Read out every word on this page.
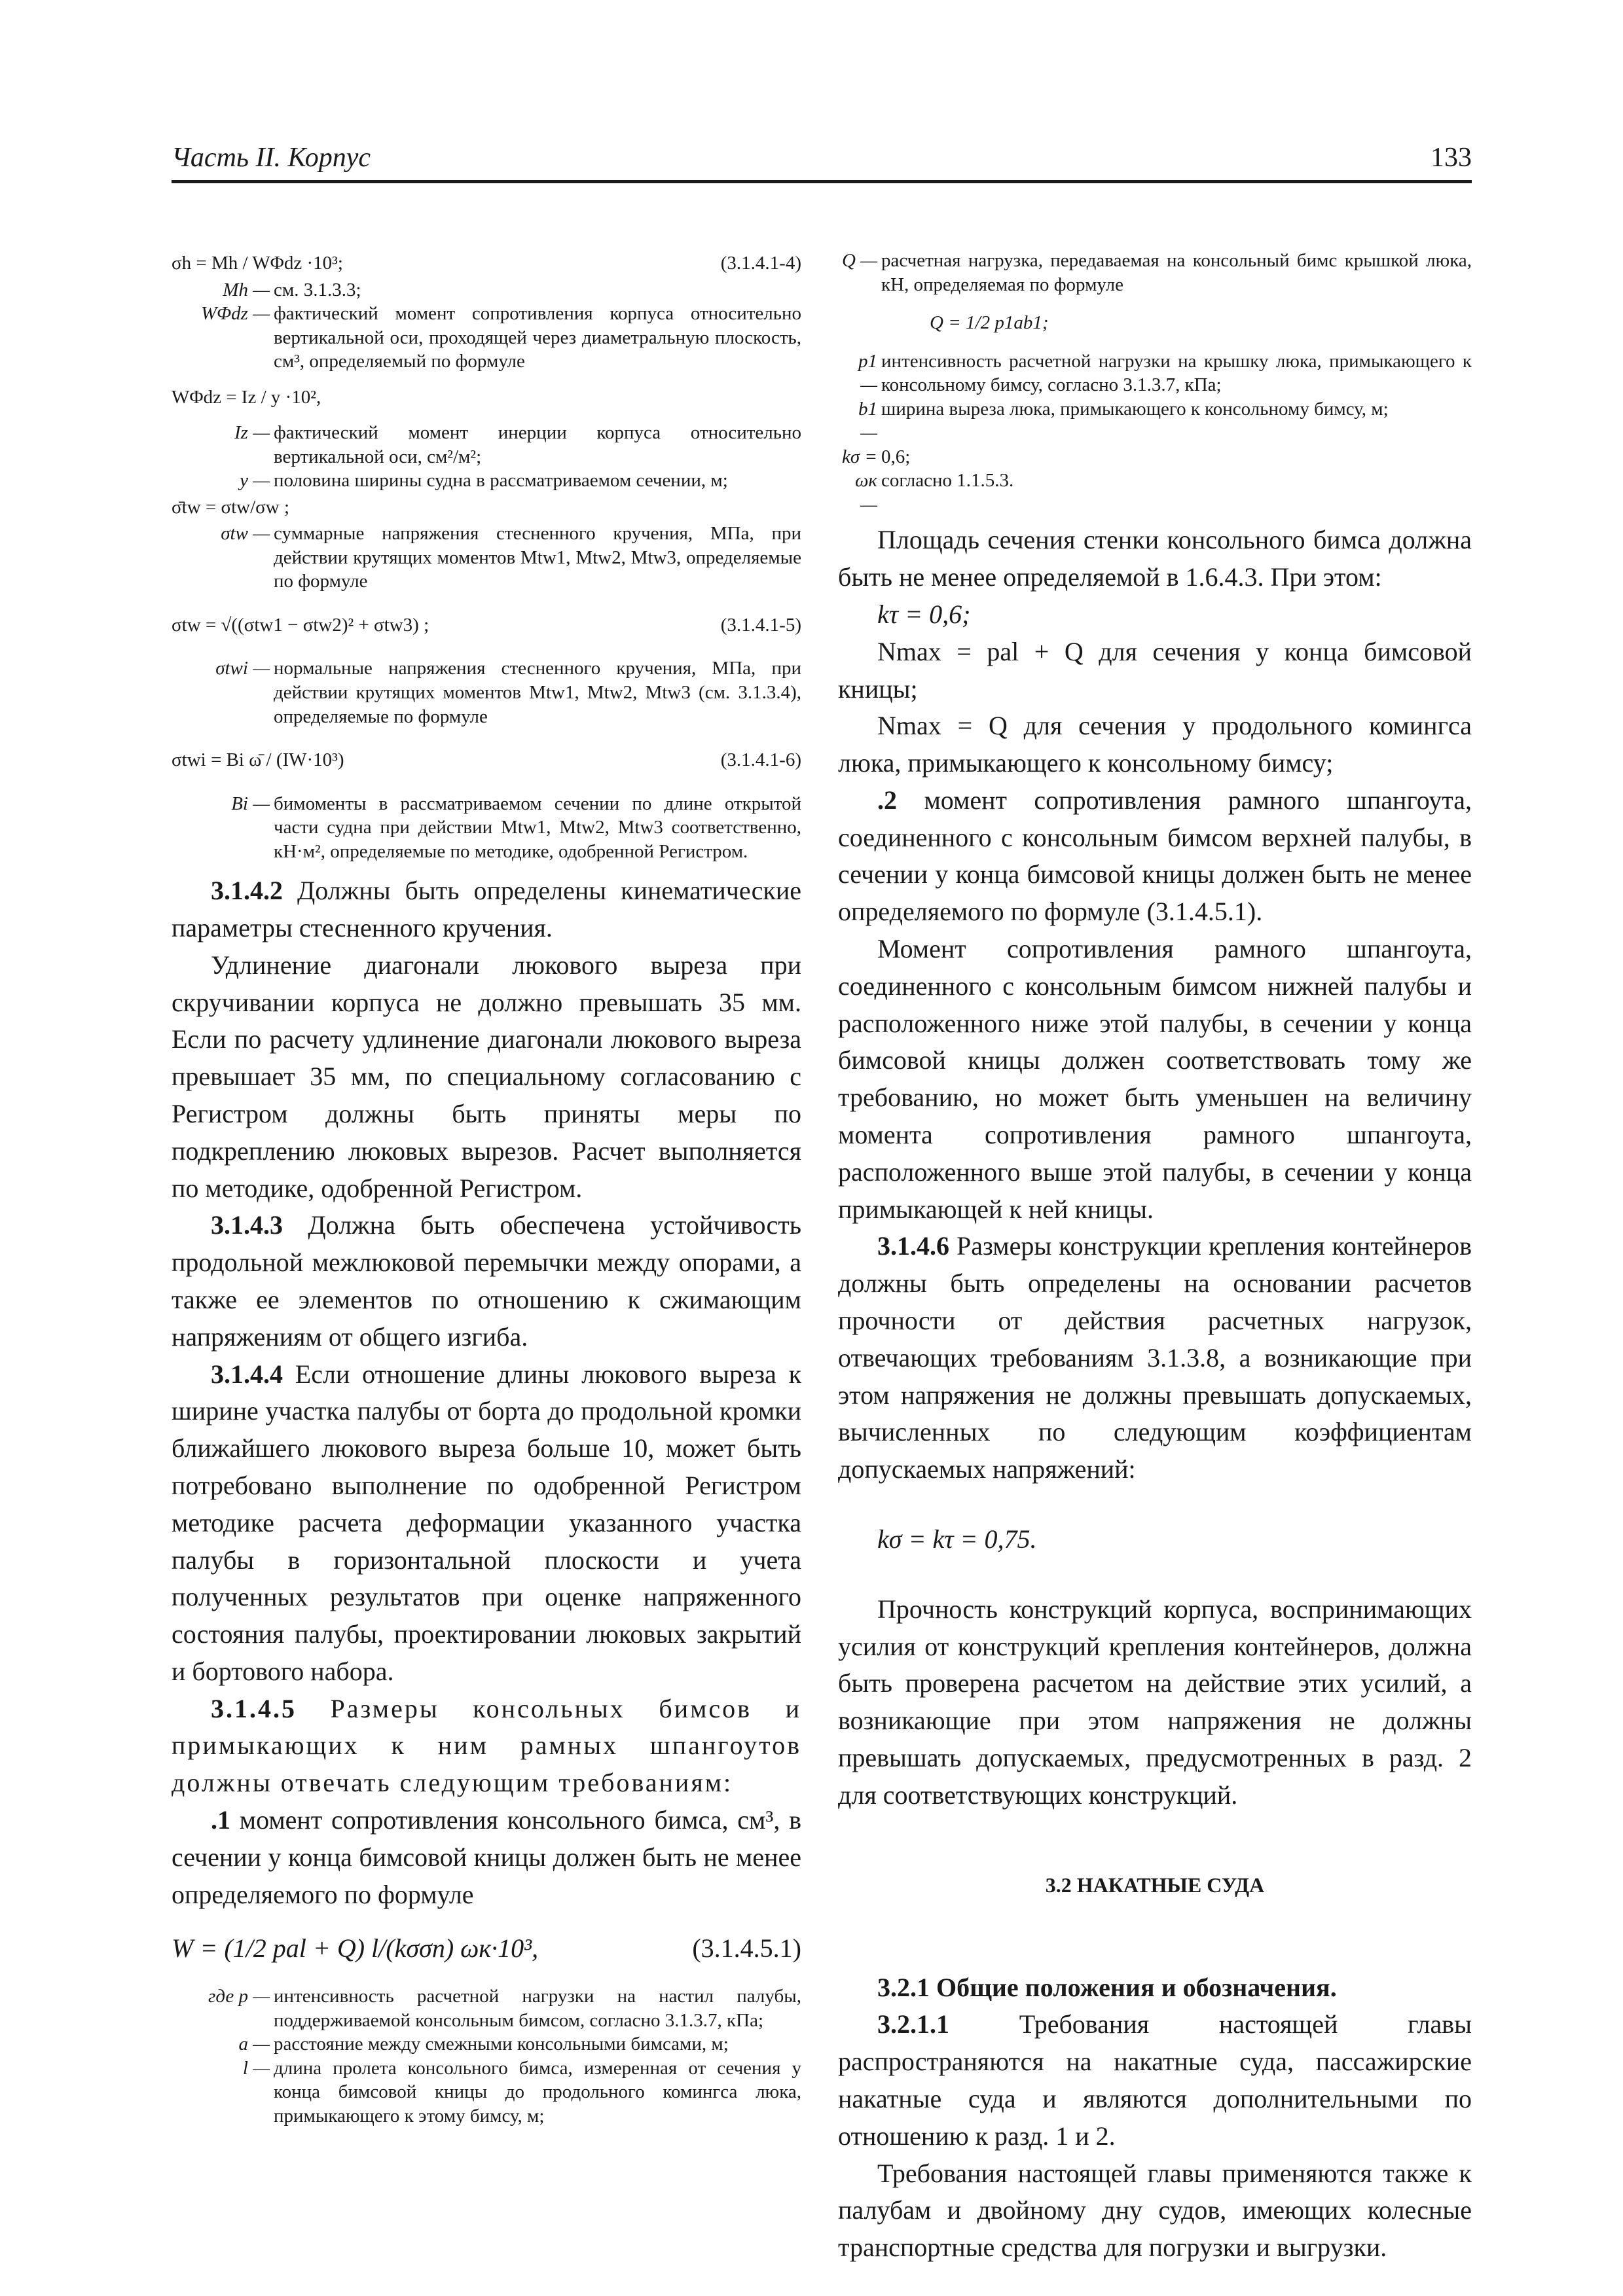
Часть II. Корпус	133
σh = Mh / WΦdz ·10³;	(3.1.4.1-4)
Mh — см. 3.1.3.3;
WΦdz — фактический момент сопротивления корпуса относительно вертикальной оси, проходящей через диаметральную плоскость, см³, определяемый по формуле
WΦdz = Iz / y ·10²,
Iz — фактический момент инерции корпуса относительно вертикальной оси, см²/м²;
y — половина ширины судна в рассматриваемом сечении, м;
σ̄tw = σtw/σw ;
σtw — суммарные напряжения стесненного кручения, МПа, при действии крутящих моментов Mtw1, Mtw2, Mtw3, определяемые по формуле
σtw = √((σtw1 − σtw2)² + σtw3) ;	(3.1.4.1-5)
σtwi — нормальные напряжения стесненного кручения, МПа, при действии крутящих моментов Mtw1, Mtw2, Mtw3 (см. 3.1.3.4), определяемые по формуле
σtwi = Bi ω̄ / (IW·10³)	(3.1.4.1-6)
Bi — бимоменты в рассматриваемом сечении по длине открытой части судна при действии Mtw1, Mtw2, Mtw3 соответственно, кН·м², определяемые по методике, одобренной Регистром.

3.1.4.2 Должны быть определены кинематические параметры стесненного кручения.

Удлинение диагонали люкового выреза при скручивании корпуса не должно превышать 35 мм. Если по расчету удлинение диагонали люкового выреза превышает 35 мм, по специальному согласованию с Регистром должны быть приняты меры по подкреплению люковых вырезов. Расчет выполняется по методике, одобренной Регистром.

3.1.4.3 Должна быть обеспечена устойчивость продольной межлюковой перемычки между опорами, а также ее элементов по отношению к сжимающим напряжениям от общего изгиба.

3.1.4.4 Если отношение длины люкового выреза к ширине участка палубы от борта до продольной кромки ближайшего люкового выреза больше 10, может быть потребовано выполнение по одобренной Регистром методике расчета деформации указанного участка палубы в горизонтальной плоскости и учета полученных результатов при оценке напряженного состояния палубы, проектировании люковых закрытий и бортового набора.

3.1.4.5 Размеры консольных бимсов и примыкающих к ним рамных шпангоутов должны отвечать следующим требованиям:

.1 момент сопротивления консольного бимса, см³, в сечении у конца бимсовой кницы должен быть не менее определяемого по формуле

W = (1/2 pal + Q) l/(kσσn) ωк·10³,	(3.1.4.5.1)
где p — интенсивность расчетной нагрузки на настил палубы, поддерживаемой консольным бимсом, согласно 3.1.3.7, кПа;
a — расстояние между смежными консольными бимсами, м;
l — длина пролета консольного бимса, измеренная от сечения у конца бимсовой кницы до продольного комингса люка, примыкающего к этому бимсу, м;
Q — расчетная нагрузка, передаваемая на консольный бимс крышкой люка, кН, определяемая по формуле
Q = 1/2 p1ab1;
p1 —
интенсивность расчетной нагрузки на крышку люка, примыкающего к консольному бимсу, согласно 3.1.3.7, кПа;
b1 —
ширина выреза люка, примыкающего к консольному бимсу, м;
kσ = 0,6;
ωк —
согласно 1.1.5.3.

Площадь сечения стенки консольного бимса должна быть не менее определяемой в 1.6.4.3. При этом:

kτ = 0,6;

Nmax = pal + Q для сечения у конца бимсовой кницы;

Nmax = Q для сечения у продольного комингса люка, примыкающего к консольному бимсу;

.2 момент сопротивления рамного шпангоута, соединенного с консольным бимсом верхней палубы, в сечении у конца бимсовой кницы должен быть не менее определяемого по формуле (3.1.4.5.1).

Момент сопротивления рамного шпангоута, соединенного с консольным бимсом нижней палубы и расположенного ниже этой палубы, в сечении у конца бимсовой кницы должен соответствовать тому же требованию, но может быть уменьшен на величину момента сопротивления рамного шпангоута, расположенного выше этой палубы, в сечении у конца примыкающей к ней кницы.

3.1.4.6 Размеры конструкции крепления контейнеров должны быть определены на основании расчетов прочности от действия расчетных нагрузок, отвечающих требованиям 3.1.3.8, а возникающие при этом напряжения не должны превышать допускаемых, вычисленных по следующим коэффициентам допускаемых напряжений:

kσ = kτ = 0,75.

Прочность конструкций корпуса, воспринимающих усилия от конструкций крепления контейнеров, должна быть проверена расчетом на действие этих усилий, а возникающие при этом напряжения не должны превышать допускаемых, предусмотренных в разд. 2 для соответствующих конструкций.

3.2 НАКАТНЫЕ СУДА

3.2.1 Общие положения и обозначения.

3.2.1.1	Требования настоящей главы распространяются на накатные суда, пассажирские накатные суда и являются дополнительными по отношению к разд. 1 и 2.

Требования настоящей главы применяются также к палубам и двойному дну судов, имеющих колесные транспортные средства для погрузки и выгрузки.
